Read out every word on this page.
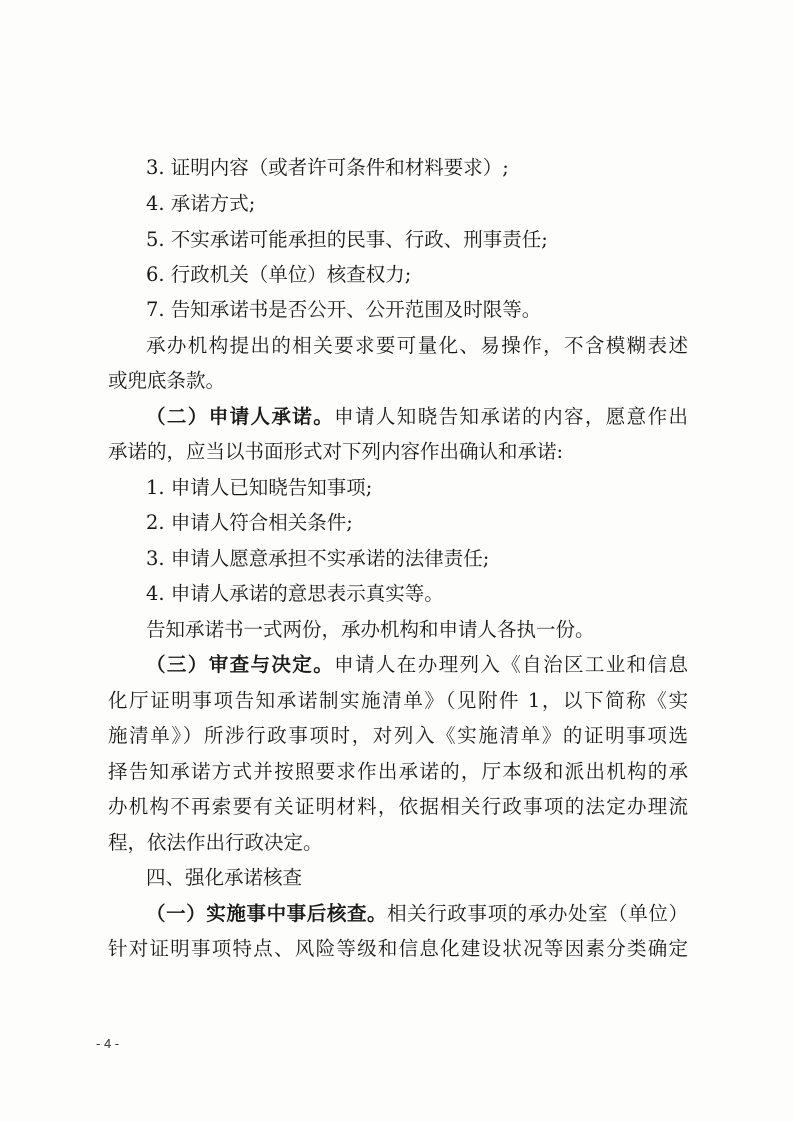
3. 证明内容（或者许可条件和材料要求）;
4. 承诺方式;
5. 不实承诺可能承担的民事、行政、刑事责任;
6. 行政机关（单位）核查权力;
7. 告知承诺书是否公开、公开范围及时限等。
承办机构提出的相关要求要可量化、易操作，不含模糊表述
或兜底条款。
（二）申请人承诺。申请人知晓告知承诺的内容，愿意作出
承诺的，应当以书面形式对下列内容作出确认和承诺:
1. 申请人已知晓告知事项;
2. 申请人符合相关条件;
3. 申请人愿意承担不实承诺的法律责任;
4. 申请人承诺的意思表示真实等。
告知承诺书一式两份，承办机构和申请人各执一份。
（三）审查与决定。申请人在办理列入《自治区工业和信息
化厅证明事项告知承诺制实施清单》（见附件 1，以下简称《实
施清单》）所涉行政事项时，对列入《实施清单》的证明事项选
择告知承诺方式并按照要求作出承诺的，厅本级和派出机构的承
办机构不再索要有关证明材料，依据相关行政事项的法定办理流
程，依法作出行政决定。
四、强化承诺核查
（一）实施事中事后核查。相关行政事项的承办处室（单位）
针对证明事项特点、风险等级和信息化建设状况等因素分类确定
- 4 -
